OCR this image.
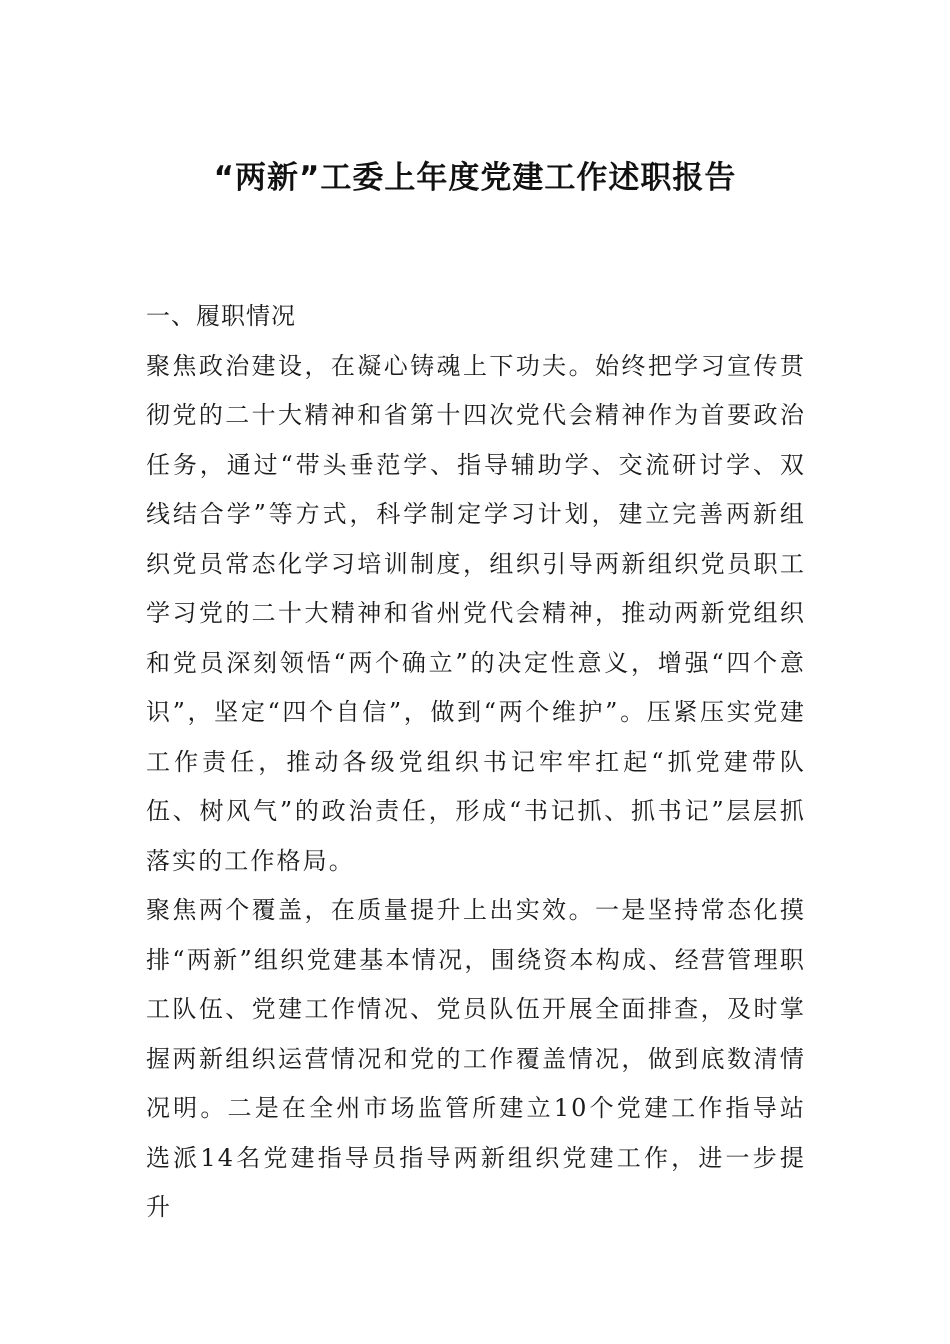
“两新”工委上年度党建工作述职报告

一、履职情况

聚焦政治建设，在凝心铸魂上下功夫。始终把学习宣传贯彻党的二十大精神和省第十四次党代会精神作为首要政治任务，通过“带头垂范学、指导辅助学、交流研讨学、双线结合学”等方式，科学制定学习计划，建立完善两新组织党员常态化学习培训制度，组织引导两新组织党员职工学习党的二十大精神和省州党代会精神，推动两新党组织和党员深刻领悟“两个确立”的决定性意义，增强“四个意识”，坚定“四个自信”，做到“两个维护”。压紧压实党建工作责任，推动各级党组织书记牢牢扛起“抓党建带队伍、树风气”的政治责任，形成“书记抓、抓书记”层层抓落实的工作格局。

聚焦两个覆盖，在质量提升上出实效。一是坚持常态化摸排“两新”组织党建基本情况，围绕资本构成、经营管理职工队伍、党建工作情况、党员队伍开展全面排查，及时掌握两新组织运营情况和党的工作覆盖情况，做到底数清情况明。二是在全州市场监管所建立10个党建工作指导站选派14名党建指导员指导两新组织党建工作，进一步提升
